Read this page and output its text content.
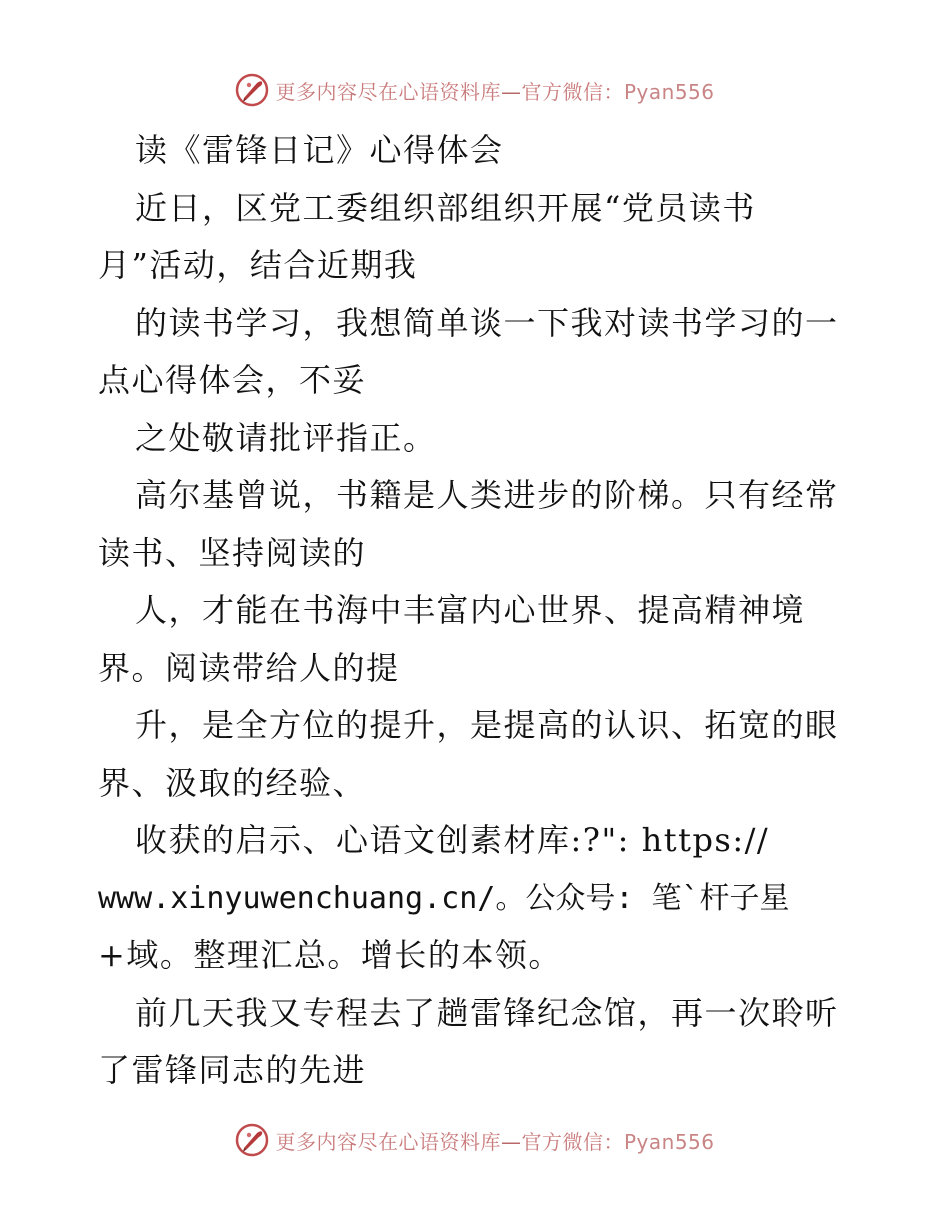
更多内容尽在心语资料库—官方微信：Pyan556
读《雷锋日记》心得体会
近日，区党工委组织部组织开展“党员读书
月”活动，结合近期我
的读书学习，我想简单谈一下我对读书学习的一
点心得体会，不妥
之处敬请批评指正。
高尔基曾说，书籍是人类进步的阶梯。只有经常
读书、坚持阅读的
人，才能在书海中丰富内心世界、提高精神境
界。阅读带给人的提
升，是全方位的提升，是提高的认识、拓宽的眼
界、汲取的经验、
收获的启示、心语文创素材库:?": https://
www.xinyuwenchuang.cn/。公众号: 笔`杆子星
+域。整理汇总。增长的本领。
前几天我又专程去了趟雷锋纪念馆，再一次聆听
了雷锋同志的先进
更多内容尽在心语资料库—官方微信：Pyan556
